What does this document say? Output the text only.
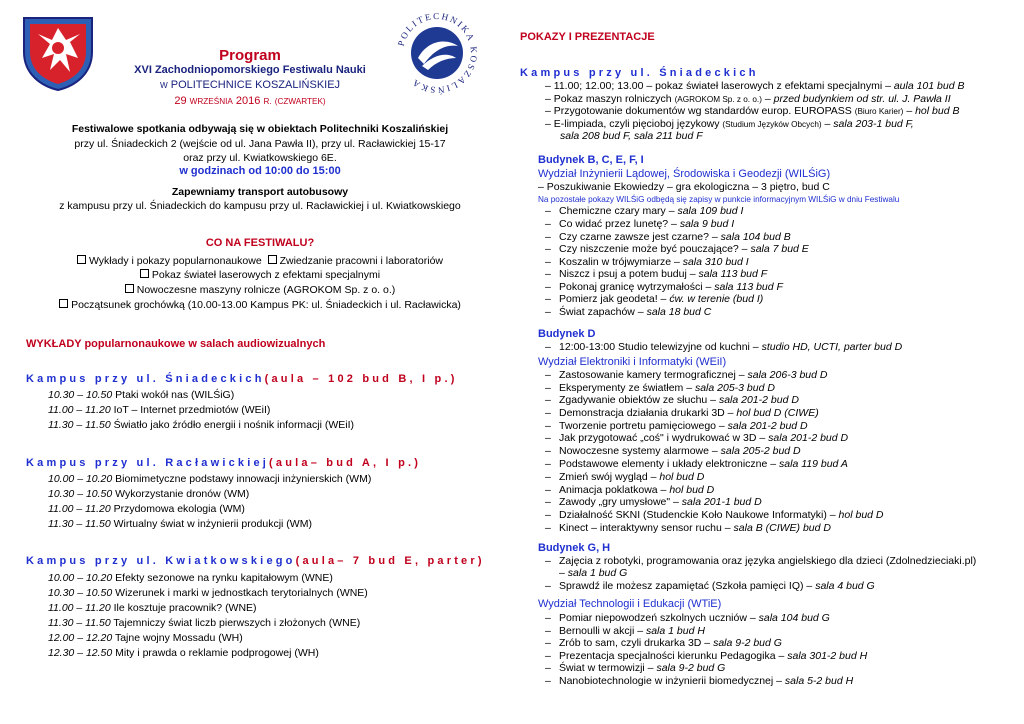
POLITECHNIKA KOSZALIŃSKA
Program
XVI Zachodniopomorskiego Festiwalu Nauki
W POLITECHNICE KOSZALIŃSKIEJ
29 WRZEŚNIA 2016 R. (CZWARTEK)
Festiwalowe spotkania odbywają się w obiektach Politechniki Koszalińskiej
przy ul. Śniadeckich 2 (wejście od ul. Jana Pawła II), przy ul. Racławickiej 15-17
oraz przy ul. Kwiatkowskiego 6E.
w godzinach od 10:00 do 15:00
Zapewniamy transport autobusowy
z kampusu przy ul. Śniadeckich do kampusu przy ul. Racławickiej i ul. Kwiatkowskiego
CO NA FESTIWALU?
Wykłady i pokazy popularnonaukowe Zwiedzanie pracowni i laboratoriów
Pokaz świateł laserowych z efektami specjalnymi
Nowoczesne maszyny rolnicze (AGROKOM Sp. z o. o.)
Początsunek grochówką (10.00-13.00 Kampus PK: ul. Śniadeckich i ul. Racławicka)
WYKŁADY popularnonaukowe w salach audiowizualnych
Kampus przy ul. Śniadeckich(aula – 102 bud B, I p.)
10.30 – 10.50 Ptaki wokół nas (WILŚiG)
11.00 – 11.20 IoT – Internet przedmiotów (WEiI)
11.30 – 11.50 Światło jako źródło energii i nośnik informacji (WEiI)
Kampus przy ul. Racławickiej(aula– bud A, I p.)
10.00 – 10.20 Biomimetyczne podstawy innowacji inżynierskich (WM)
10.30 – 10.50 Wykorzystanie dronów (WM)
11.00 – 11.20 Przydomowa ekologia (WM)
11.30 – 11.50 Wirtualny świat w inżynierii produkcji (WM)
Kampus przy ul. Kwiatkowskiego(aula– 7 bud E, parter)
10.00 – 10.20 Efekty sezonowe na rynku kapitałowym (WNE)
10.30 – 10.50 Wizerunek i marki w jednostkach terytorialnych (WNE)
11.00 – 11.20 Ile kosztuje pracownik? (WNE)
11.30 – 11.50 Tajemniczy świat liczb pierwszych i złożonych (WNE)
12.00 – 12.20 Tajne wojny Mossadu (WH)
12.30 – 12.50 Mity i prawda o reklamie podprogowej (WH)
POKAZY I PREZENTACJE
Kampus przy ul. Śniadeckich
– 11.00; 12.00; 13.00 – pokaz świateł laserowych z efektami specjalnymi – aula 101 bud B
– Pokaz maszyn rolniczych (AGROKOM Sp. z o. o.) – przed budynkiem od str. ul. J. Pawła II
– Przygotowanie dokumentów wg standardów europ. EUROPASS (Biuro Karier) – hol bud B
– E-limpiada, czyli pięcioboj językowy (Studium Języków Obcych) – sala 203-1 bud F,
sala 208 bud F, sala 211 bud F
Budynek B, C, E, F, I
Wydział Inżynierii Lądowej, Środowiska i Geodezji (WILŚiG)
– Poszukiwanie Ekowiedzy – gra ekologiczna – 3 piętro, bud C
Na pozostałe pokazy WILŚiG odbędą się zapisy w punkcie informacyjnym WILŚiG w dniu Festiwalu
– Chemiczne czary mary – sala 109 bud I
– Co widać przez lunetę? – sala 9 bud I
– Czy czarne zawsze jest czarne? – sala 104 bud B
– Czy niszczenie może być pouczające? – sala 7 bud E
– Koszalin w trójwymiarze – sala 310 bud I
– Niszcz i psuj a potem buduj – sala 113 bud F
– Pokonaj granicę wytrzymałości – sala 113 bud F
– Pomierz jak geodeta! – ćw. w terenie (bud I)
– Świat zapachów – sala 18 bud C
Budynek D
– 12:00-13:00 Studio telewizyjne od kuchni – studio HD, UCTI, parter bud D
Wydział Elektroniki i Informatyki (WEiI)
– Zastosowanie kamery termograficznej – sala 206-3 bud D
– Eksperymenty ze światłem – sala 205-3 bud D
– Zgadywanie obiektów ze słuchu – sala 201-2 bud D
– Demonstracja działania drukarki 3D – hol bud D (CIWE)
– Tworzenie portretu pamięciowego – sala 201-2 bud D
– Jak przygotować „coś" i wydrukować w 3D – sala 201-2 bud D
– Nowoczesne systemy alarmowe – sala 205-2 bud D
– Podstawowe elementy i układy elektroniczne – sala 119 bud A
– Zmień swój wygląd – hol bud D
– Animacja poklatkowa – hol bud D
– Zawody „gry umysłowe" – sala 201-1 bud D
– Działalność SKNI (Studenckie Koło Naukowe Informatyki) – hol bud D
– Kinect – interaktywny sensor ruchu – sala B (CIWE) bud D
Budynek G, H
– Zajęcia z robotyki, programowania oraz języka angielskiego dla dzieci (Zdolnedzieciaki.pl)
– sala 1 bud G
– Sprawdź ile możesz zapamiętać (Szkoła pamięci IQ) – sala 4 bud G
Wydział Technologii i Edukacji (WTiE)
– Pomiar niepowodzeń szkolnych uczniów – sala 104 bud G
– Bernoulli w akcji – sala 1 bud H
– Zrób to sam, czyli drukarka 3D – sala 9-2 bud G
– Prezentacja specjalności kierunku Pedagogika – sala 301-2 bud H
– Świat w termowizji – sala 9-2 bud G
– Nanobiotechnologie w inżynierii biomedycznej – sala 5-2 bud H
